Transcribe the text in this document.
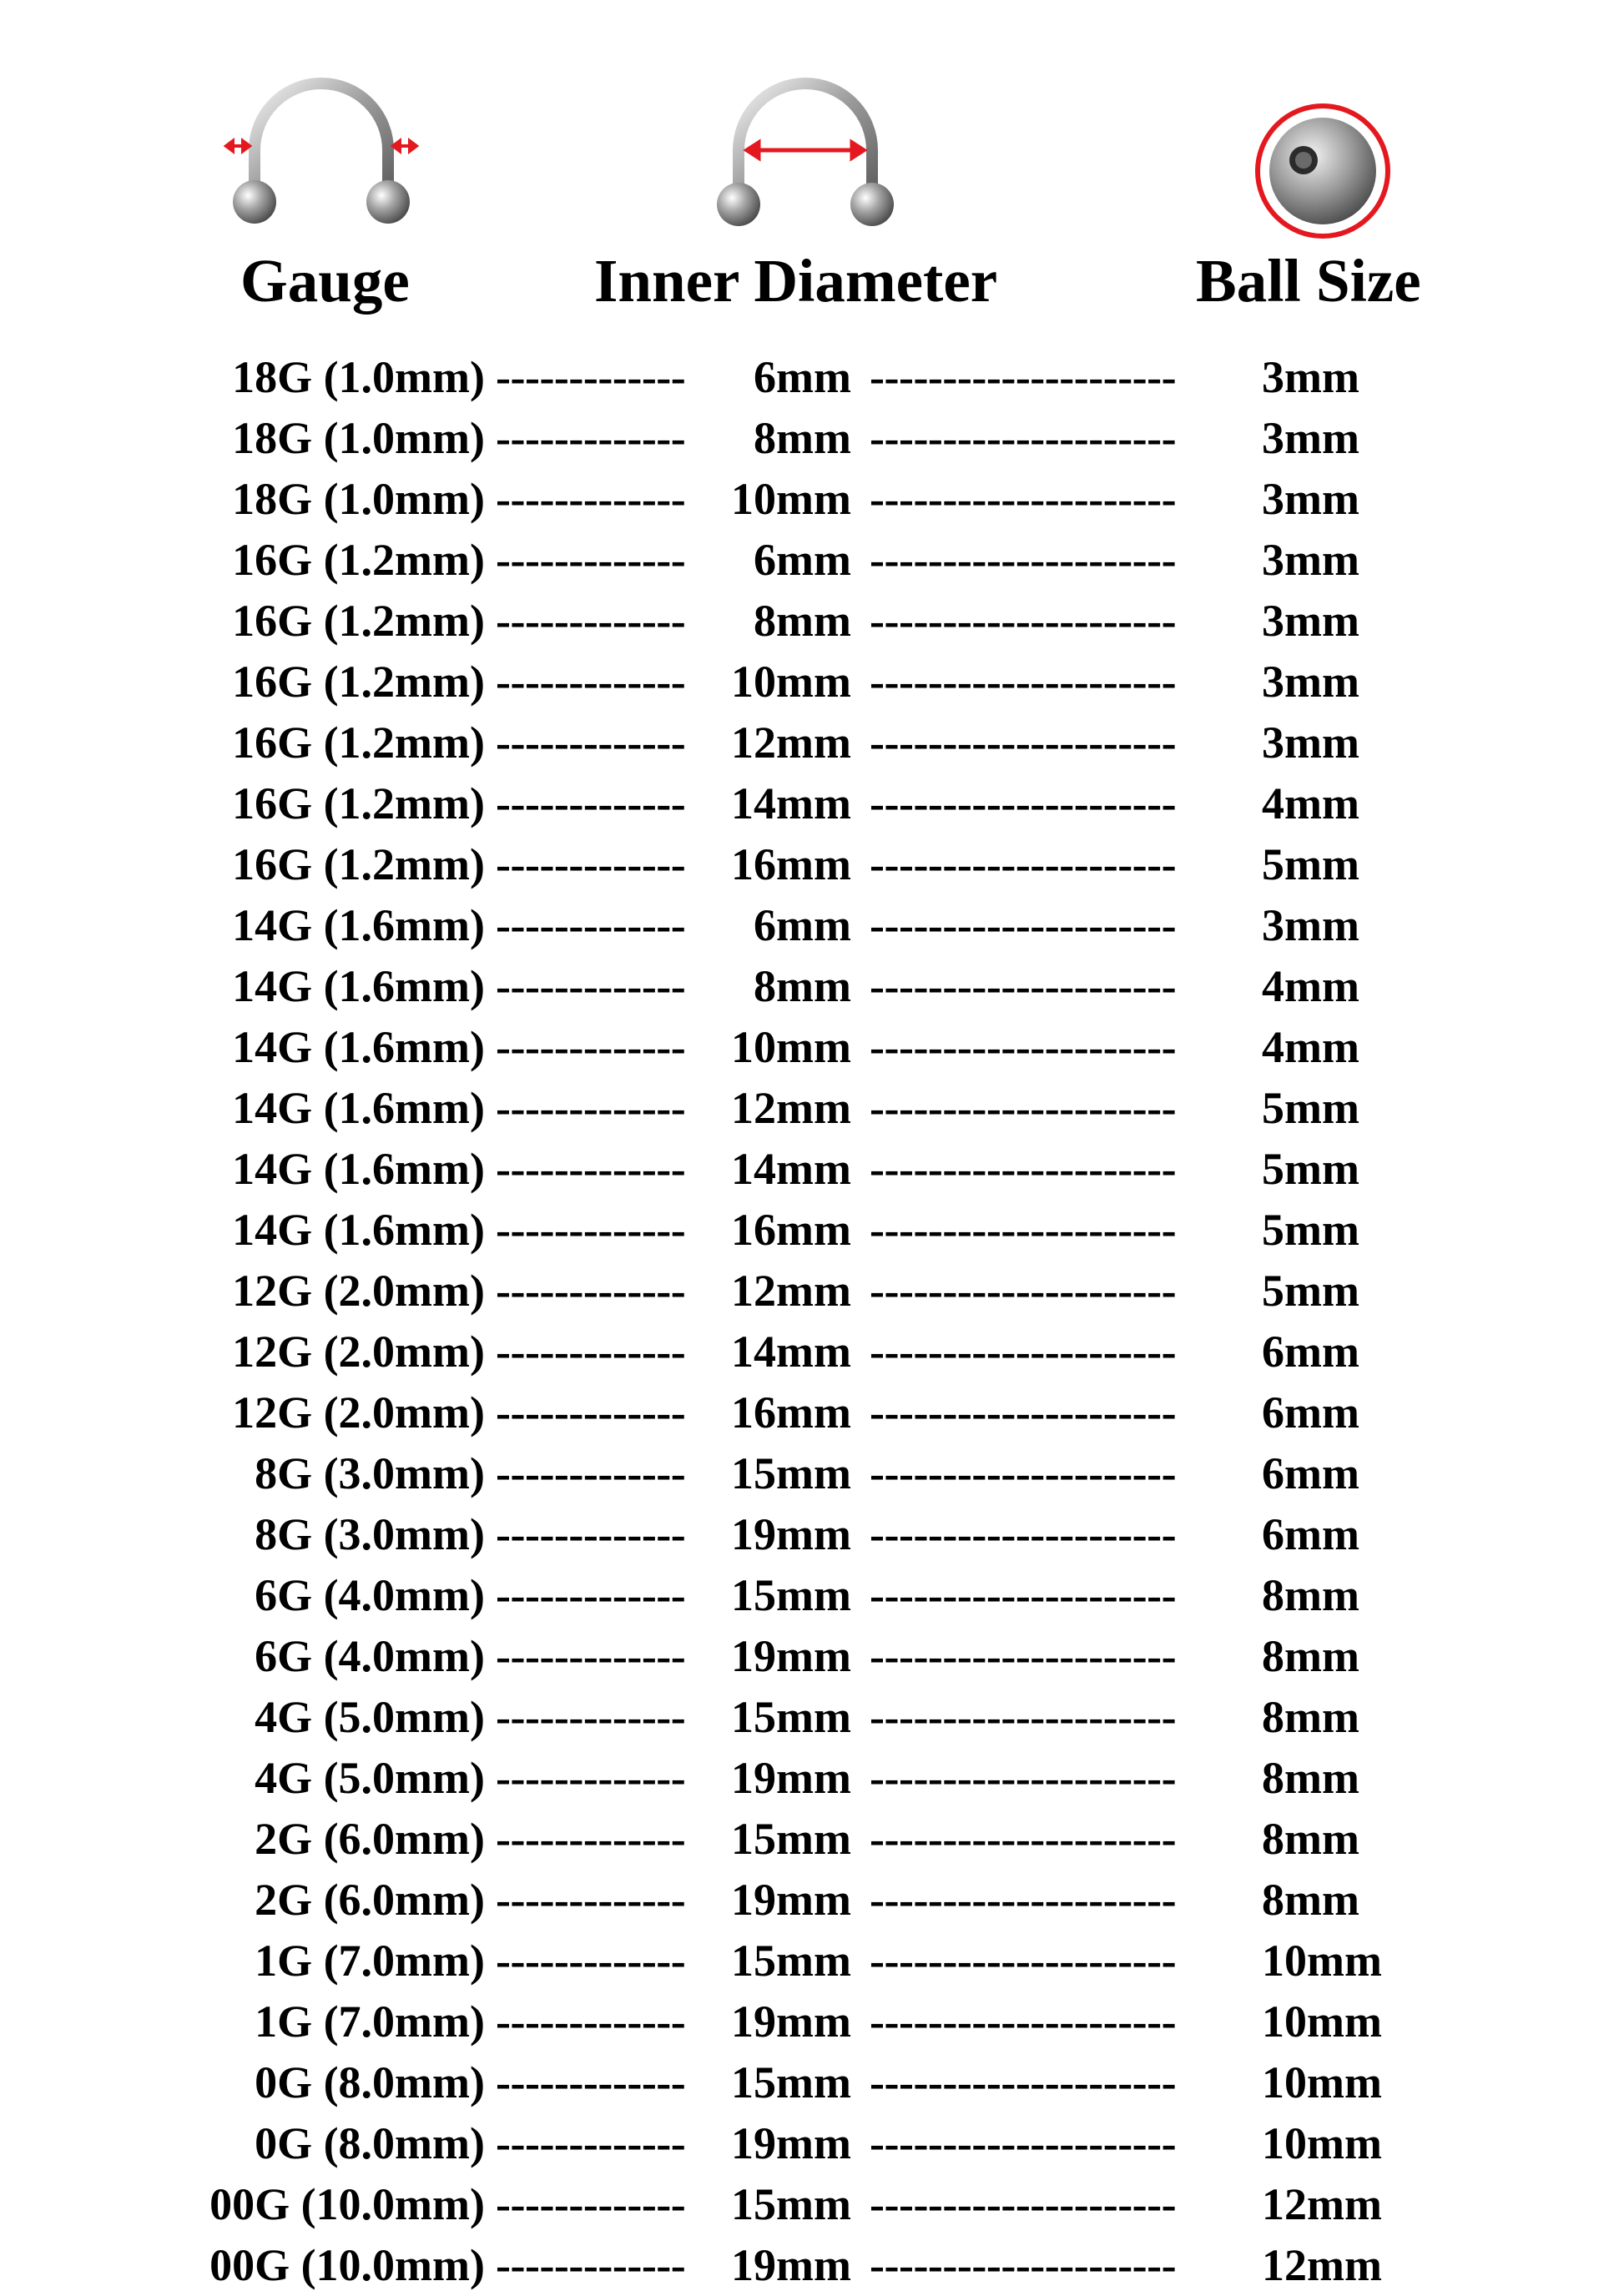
Gauge	Inner Diameter	Ball Size
18G (1.0mm) ------------- 6mm --------------------- 3mm
18G (1.0mm) ------------- 8mm --------------------- 3mm
18G (1.0mm) ------------- 10mm --------------------- 3mm
16G (1.2mm) ------------- 6mm --------------------- 3mm
16G (1.2mm) ------------- 8mm --------------------- 3mm
16G (1.2mm) ------------- 10mm --------------------- 3mm
16G (1.2mm) ------------- 12mm --------------------- 3mm
16G (1.2mm) ------------- 14mm --------------------- 4mm
16G (1.2mm) ------------- 16mm --------------------- 5mm
14G (1.6mm) ------------- 6mm --------------------- 3mm
14G (1.6mm) ------------- 8mm --------------------- 4mm
14G (1.6mm) ------------- 10mm --------------------- 4mm
14G (1.6mm) ------------- 12mm --------------------- 5mm
14G (1.6mm) ------------- 14mm --------------------- 5mm
14G (1.6mm) ------------- 16mm --------------------- 5mm
12G (2.0mm) ------------- 12mm --------------------- 5mm
12G (2.0mm) ------------- 14mm --------------------- 6mm
12G (2.0mm) ------------- 16mm --------------------- 6mm
8G (3.0mm) ------------- 15mm --------------------- 6mm
8G (3.0mm) ------------- 19mm --------------------- 6mm
6G (4.0mm) ------------- 15mm --------------------- 8mm
6G (4.0mm) ------------- 19mm --------------------- 8mm
4G (5.0mm) ------------- 15mm --------------------- 8mm
4G (5.0mm) ------------- 19mm --------------------- 8mm
2G (6.0mm) ------------- 15mm --------------------- 8mm
2G (6.0mm) ------------- 19mm --------------------- 8mm
1G (7.0mm) ------------- 15mm --------------------- 10mm
1G (7.0mm) ------------- 19mm --------------------- 10mm
0G (8.0mm) ------------- 15mm --------------------- 10mm
0G (8.0mm) ------------- 19mm --------------------- 10mm
00G (10.0mm) ------------- 15mm --------------------- 12mm
00G (10.0mm) ------------- 19mm --------------------- 12mm
